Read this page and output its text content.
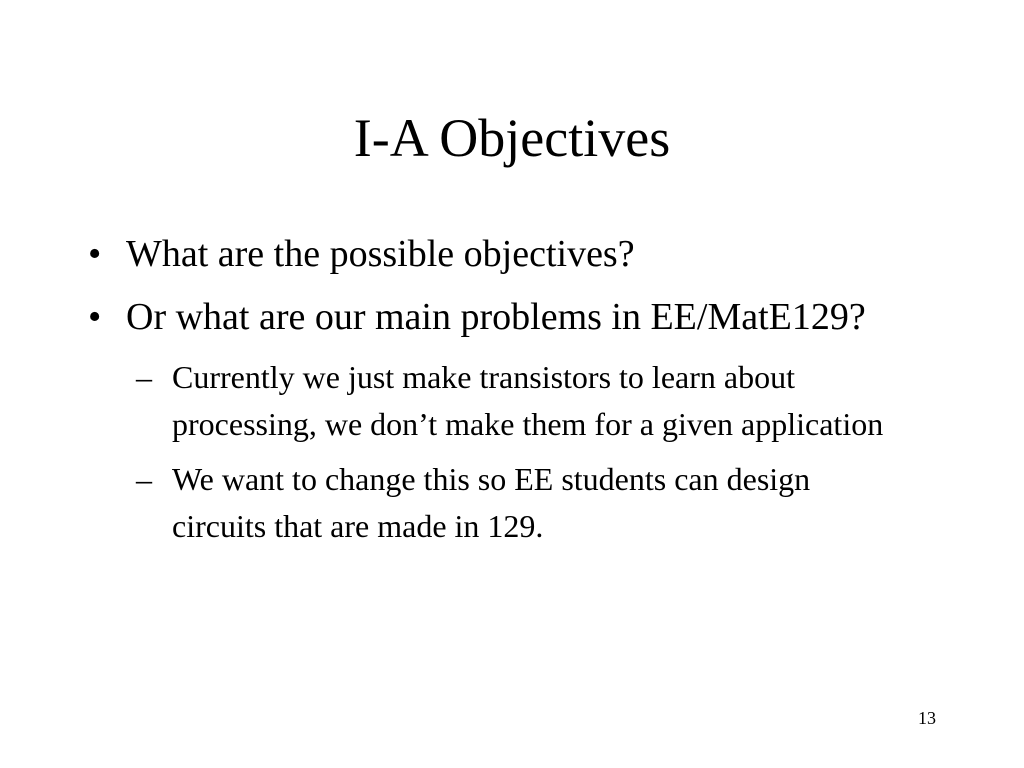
I-A Objectives
• What are the possible objectives?
• Or what are our main problems in EE/MatE129?
– Currently we just make transistors to learn about processing, we don’t make them for a given application
– We want to change this so EE students can design circuits that are made in 129.
13
